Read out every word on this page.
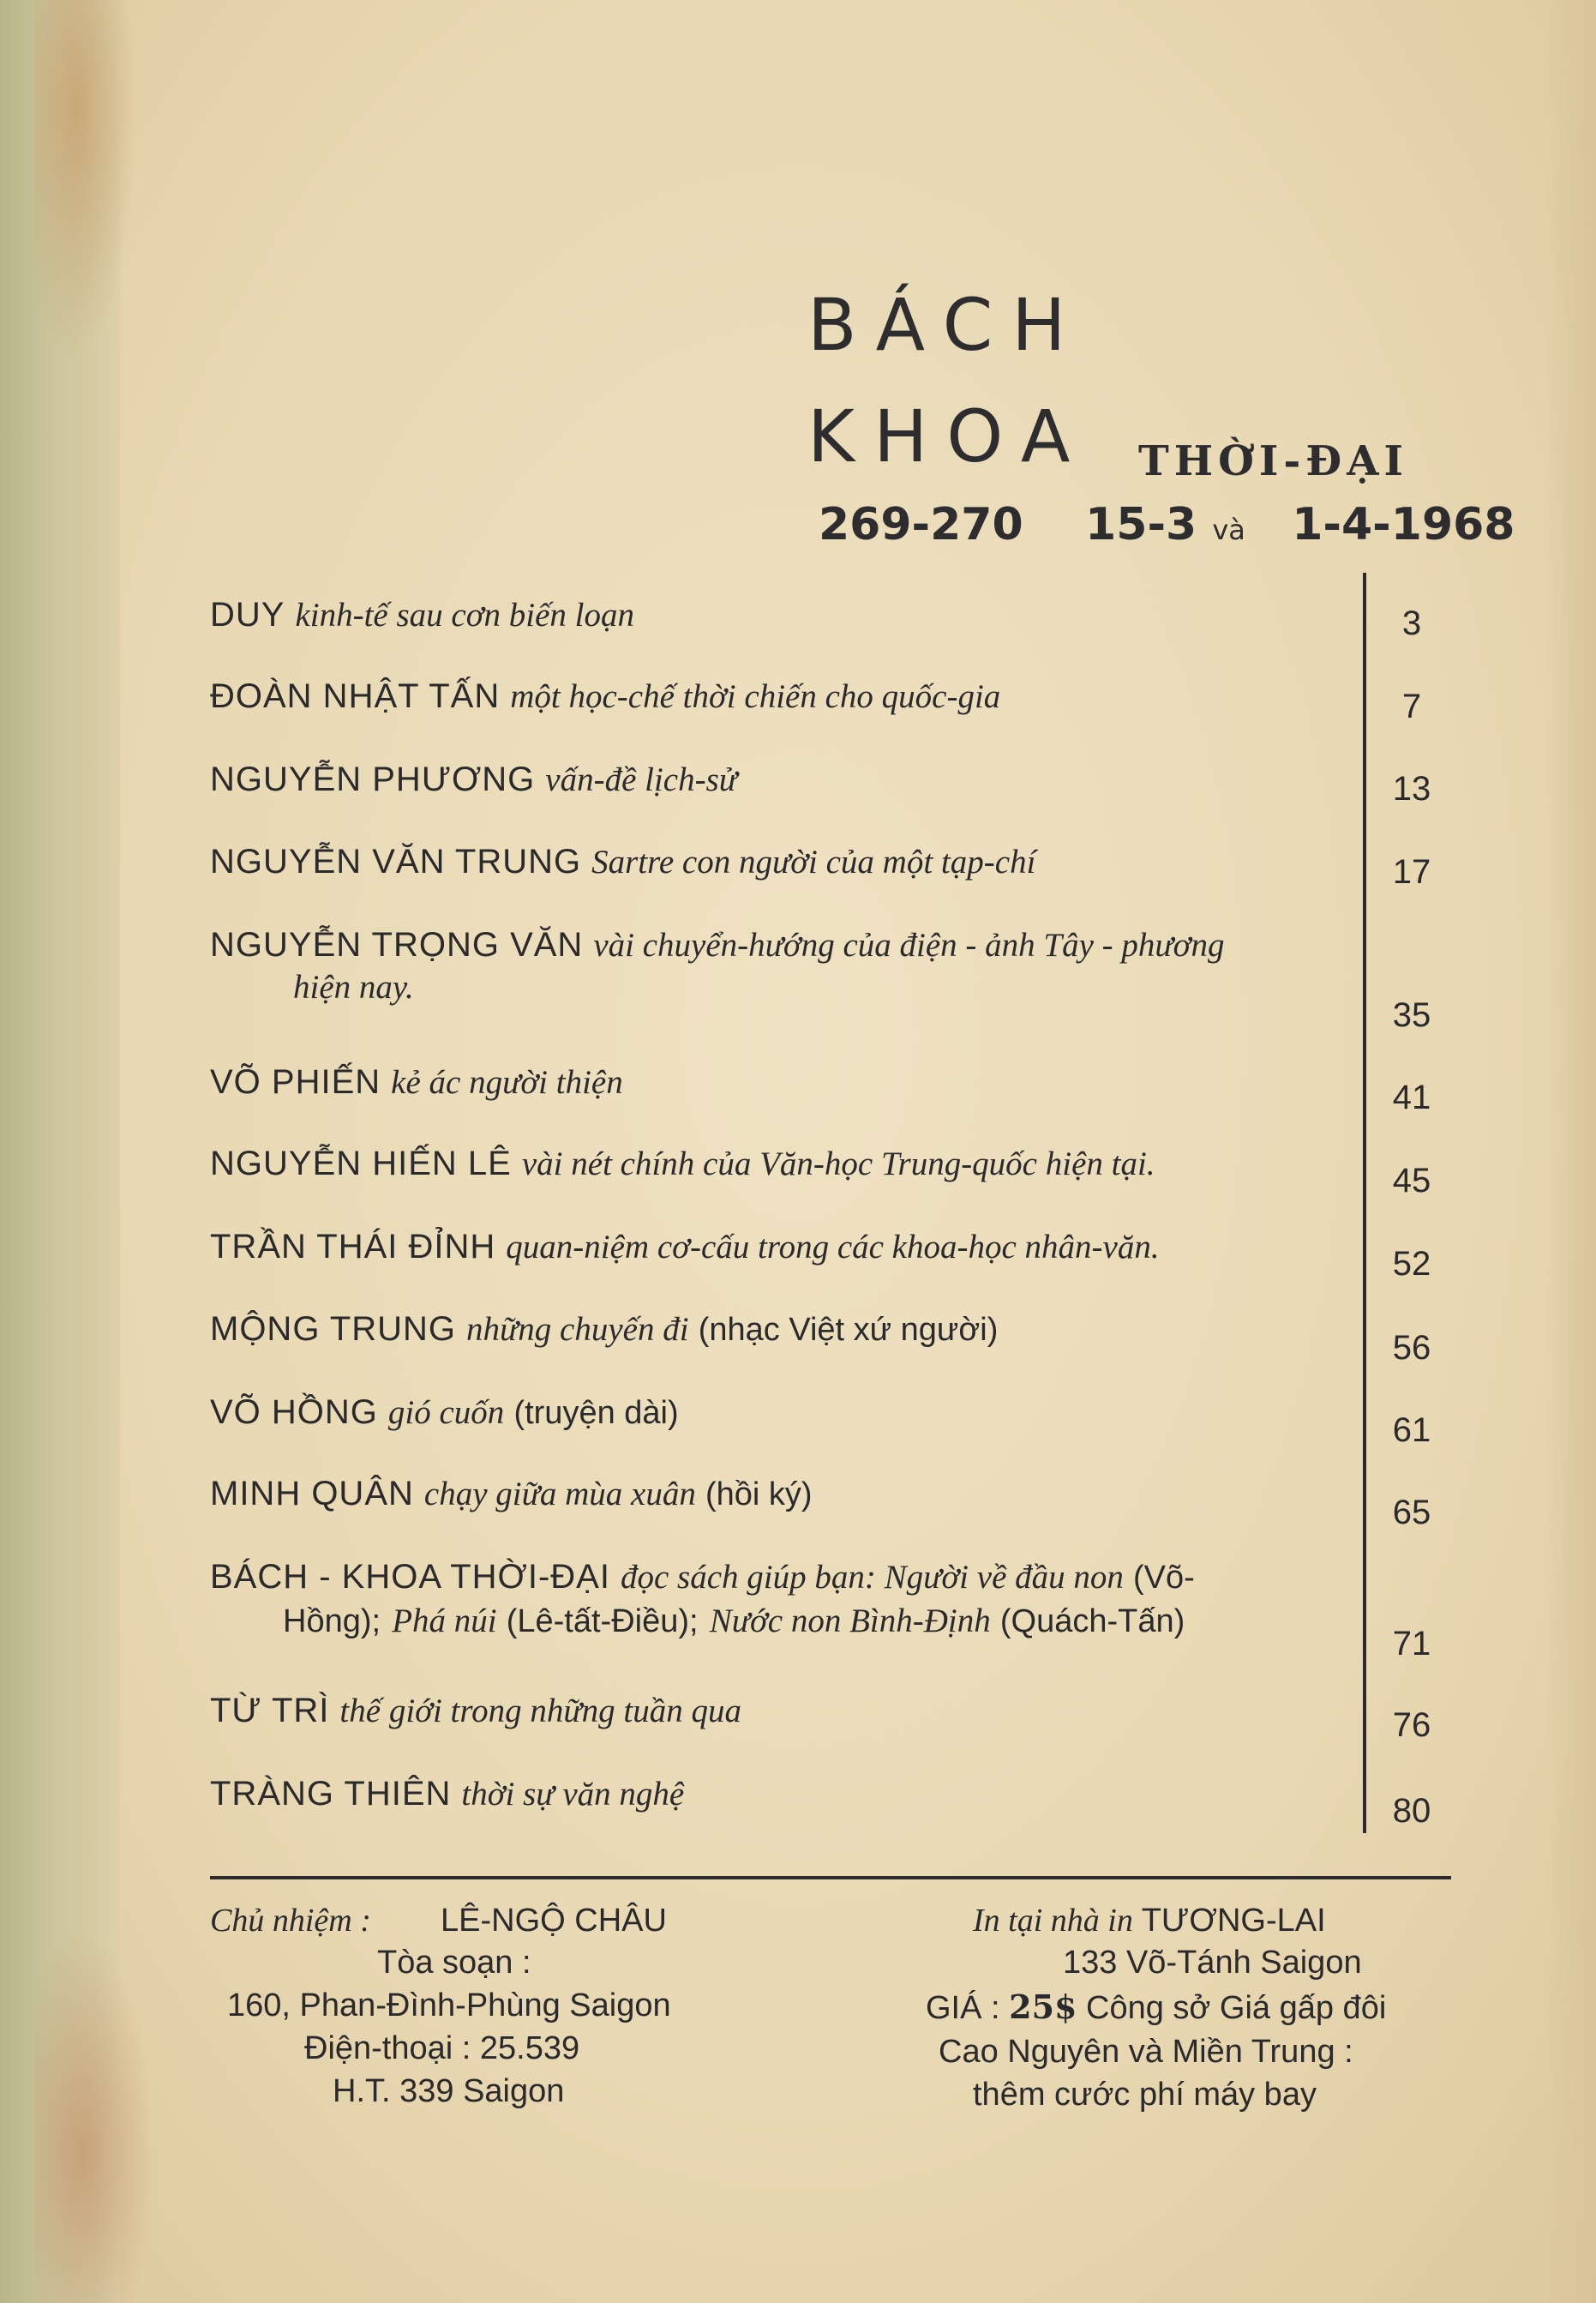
BÁCH
KHOA THỜI-ĐẠI
269-270 15-3 và 1-4-1968
DUY kinh-tế sau cơn biến loạn
ĐOÀN NHẬT TẤN một học-chế thời chiến cho quốc-gia
NGUYỄN PHƯƠNG vấn-đề lịch-sử
NGUYỄN VĂN TRUNG Sartre con người của một tạp-chí
NGUYỄN TRỌNG VĂN vài chuyển-hướng của điện - ảnh Tây - phương
hiện nay.
VÕ PHIẾN kẻ ác người thiện
NGUYỄN HIẾN LÊ vài nét chính của Văn-học Trung-quốc hiện tại.
TRẦN THÁI ĐỈNH quan-niệm cơ-cấu trong các khoa-học nhân-văn.
MỘNG TRUNG những chuyến đi (nhạc Việt xứ người)
VÕ HỒNG gió cuốn (truyện dài)
MINH QUÂN chạy giữa mùa xuân (hồi ký)
BÁCH - KHOA THỜI-ĐẠI đọc sách giúp bạn: Người về đầu non (Võ-
Hồng); Phá núi (Lê-tất-Điều); Nước non Bình-Định (Quách-Tấn)
TỪ TRÌ thế giới trong những tuần qua
TRÀNG THIÊN thời sự văn nghệ
3
7
13
17
35
41
45
52
56
61
65
71
76
80
Chủ nhiệm : LÊ-NGỘ CHÂU
Tòa soạn :
160, Phan-Đình-Phùng Saigon
Điện-thoại : 25.539
H.T. 339 Saigon
In tại nhà in TƯƠNG-LAI
133 Võ-Tánh Saigon
GIÁ : 25$ Công sở Giá gấp đôi
Cao Nguyên và Miền Trung :
thêm cước phí máy bay
